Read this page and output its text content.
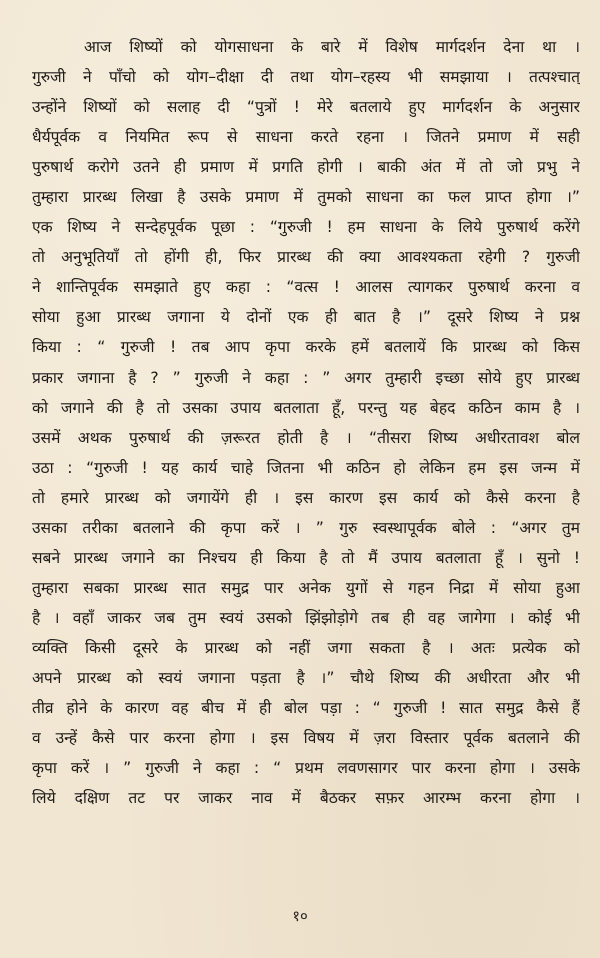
आज शिष्यों को योगसाधना के बारे में विशेष मार्गदर्शन देना था ।
गुरुजी ने पाँचो को योग–दीक्षा दी तथा योग–रहस्य भी समझाया । तत्पश्चात्
उन्होंने शिष्यों को सलाह दी “पुत्रों ! मेरे बतलाये हुए मार्गदर्शन के अनुसार
धैर्यपूर्वक व नियमित रूप से साधना करते रहना । जितने प्रमाण में सही
पुरुषार्थ करोगे उतने ही प्रमाण में प्रगति होगी । बाकी अंत में तो जो प्रभु ने
तुम्हारा प्रारब्ध लिखा है उसके प्रमाण में तुमको साधना का फल प्राप्त होगा ।”
एक शिष्य ने सन्देहपूर्वक पूछा : “गुरुजी ! हम साधना के लिये पुरुषार्थ करेंगे
तो अनुभूतियाँ तो होंगी ही, फिर प्रारब्ध की क्या आवश्यकता रहेगी ? गुरुजी
ने शान्तिपूर्वक समझाते हुए कहा : “वत्स ! आलस त्यागकर पुरुषार्थ करना व
सोया हुआ प्रारब्ध जगाना ये दोनों एक ही बात है ।” दूसरे शिष्य ने प्रश्न
किया : “ गुरुजी ! तब आप कृपा करके हमें बतलायें कि प्रारब्ध को किस
प्रकार जगाना है ? ” गुरुजी ने कहा : ” अगर तुम्हारी इच्छा सोये हुए प्रारब्ध
को जगाने की है तो उसका उपाय बतलाता हूँ, परन्तु यह बेहद कठिन काम है ।
उसमें अथक पुरुषार्थ की ज़रूरत होती है । “तीसरा शिष्य अधीरतावश बोल
उठा : “गुरुजी ! यह कार्य चाहे जितना भी कठिन हो लेकिन हम इस जन्म में
तो हमारे प्रारब्ध को जगायेंगे ही । इस कारण इस कार्य को कैसे करना है
उसका तरीका बतलाने की कृपा करें । ” गुरु स्वस्थापूर्वक बोले : “अगर तुम
सबने प्रारब्ध जगाने का निश्चय ही किया है तो मैं उपाय बतलाता हूँ । सुनो !
तुम्हारा सबका प्रारब्ध सात समुद्र पार अनेक युगों से गहन निद्रा में सोया हुआ
है । वहाँ जाकर जब तुम स्वयं उसको झिंझोड़ोगे तब ही वह जागेगा । कोई भी
व्यक्ति किसी दूसरे के प्रारब्ध को नहीं जगा सकता है । अतः प्रत्येक को
अपने प्रारब्ध को स्वयं जगाना पड़ता है ।” चौथे शिष्य की अधीरता और भी
तीव्र होने के कारण वह बीच में ही बोल पड़ा : “ गुरुजी ! सात समुद्र कैसे हैं
व उन्हें कैसे पार करना होगा । इस विषय में ज़रा विस्तार पूर्वक बतलाने की
कृपा करें । ” गुरुजी ने कहा : “ प्रथम लवणसागर पार करना होगा । उसके
लिये दक्षिण तट पर जाकर नाव में बैठकर सफ़र आरम्भ करना होगा ।
१०
